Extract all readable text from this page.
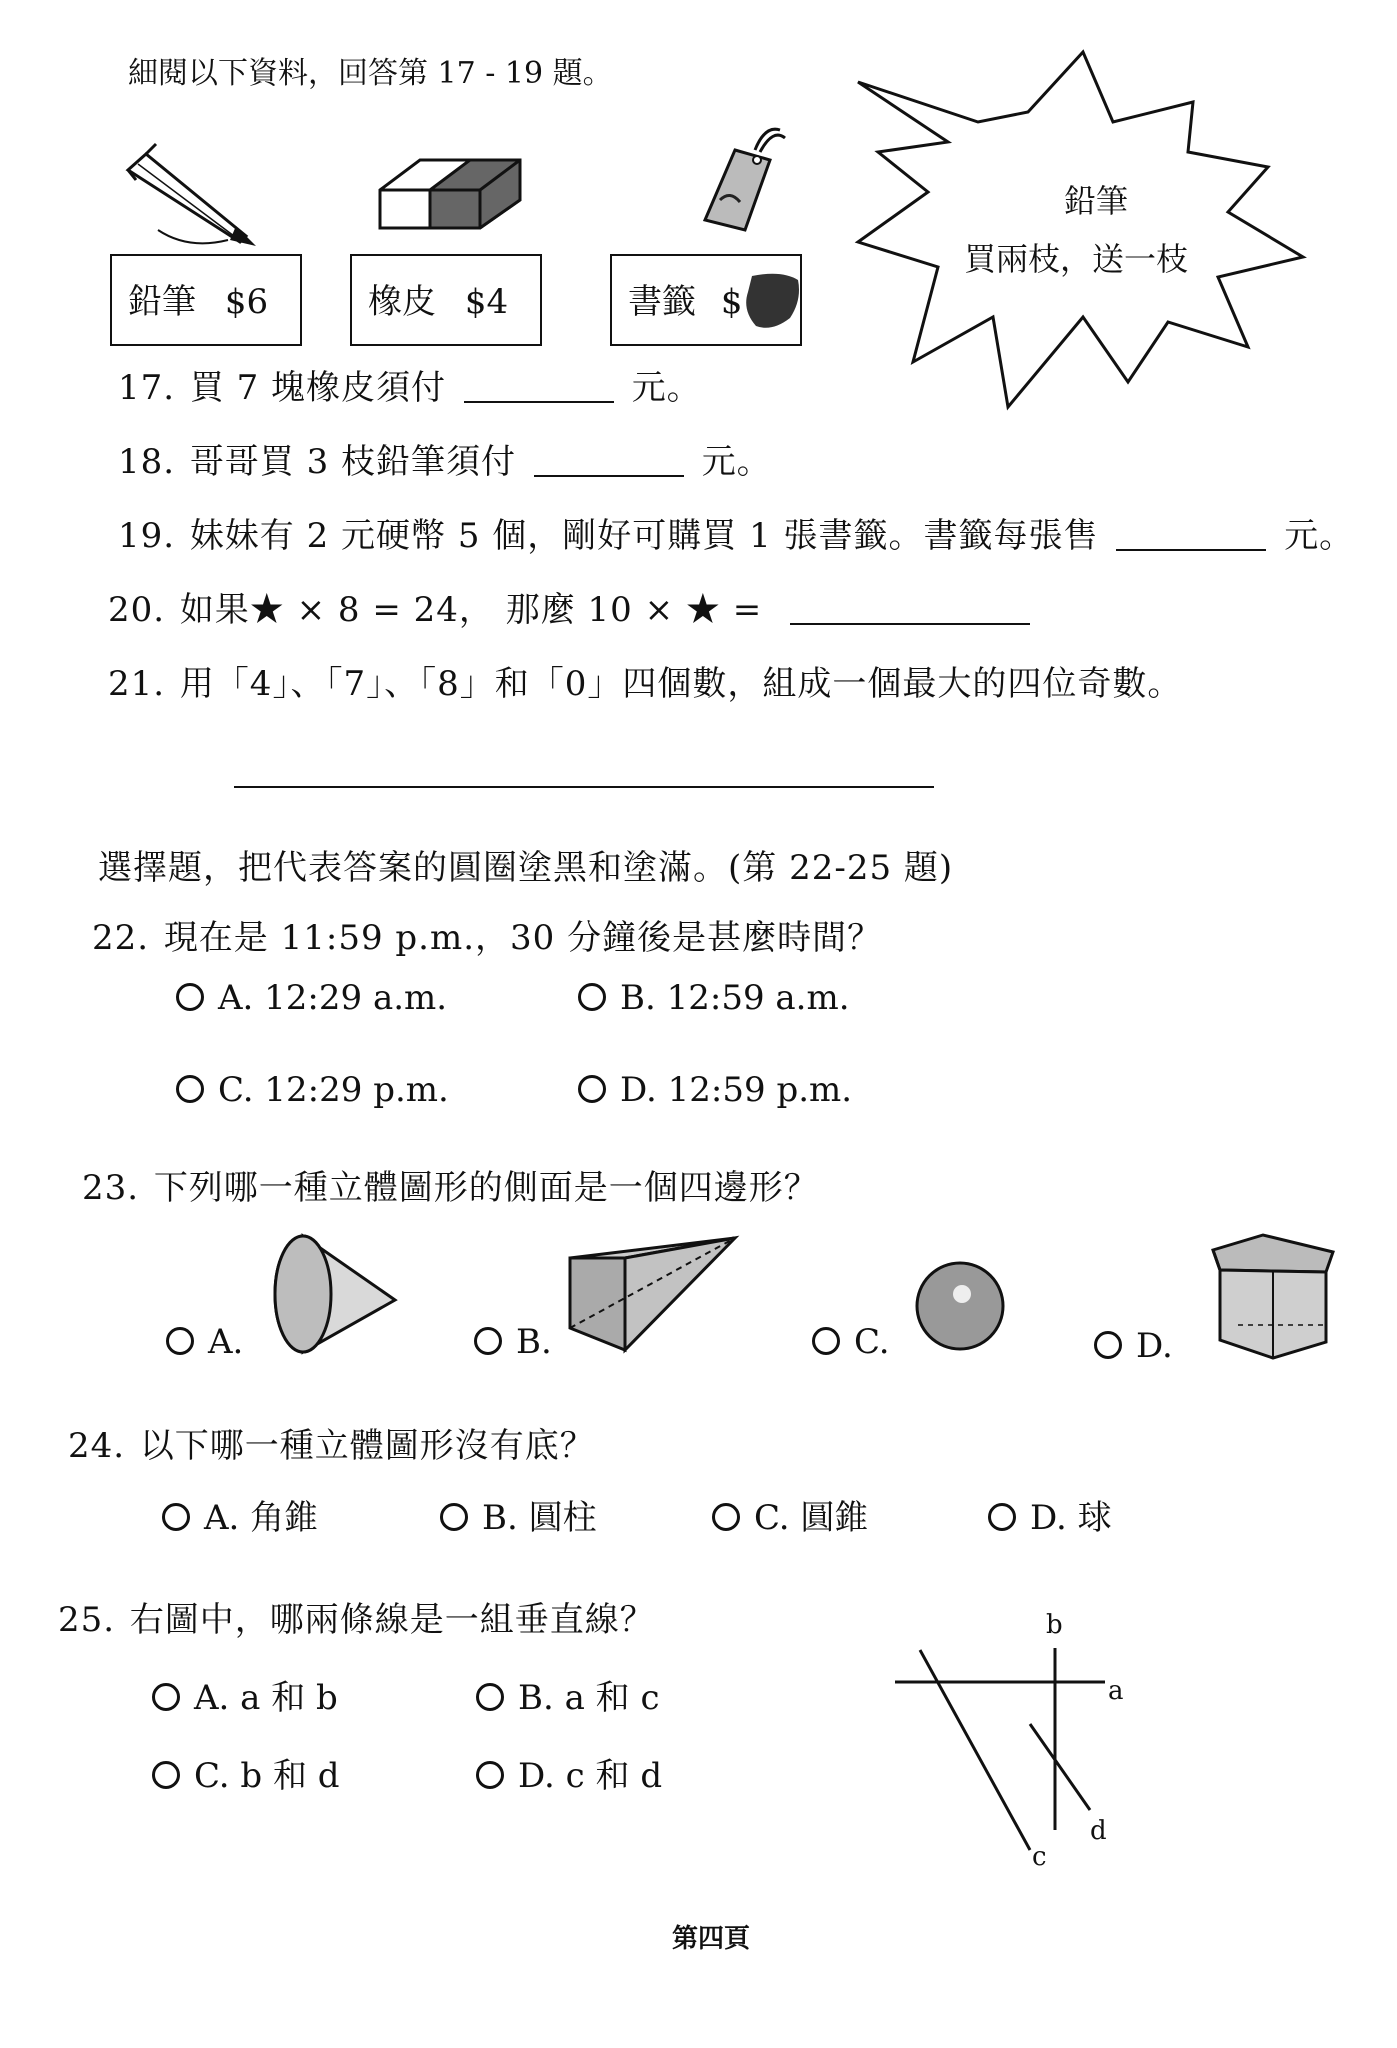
細閱以下資料，回答第 17 - 19 題。
鉛筆 $6	橡皮 $4	書籤 $
鉛筆
買兩枝，送一枝
17. 買 7 塊橡皮須付	元。
18. 哥哥買 3 枝鉛筆須付	元。
19. 妹妹有 2 元硬幣 5 個，剛好可購買 1 張書籤。書籤每張售	元。
20. 如果★ × 8 = 24， 那麼 10 × ★ =
21. 用「4」、「7」、「8」和「0」四個數，組成一個最大的四位奇數。
選擇題，把代表答案的圓圈塗黑和塗滿。(第 22-25 題)
22. 現在是 11:59 p.m.，30 分鐘後是甚麼時間？
A. 12:29 a.m.	B. 12:59 a.m.
C. 12:29 p.m.	D. 12:59 p.m.
23. 下列哪一種立體圖形的側面是一個四邊形？
A.	B.	C.	D.
24. 以下哪一種立體圖形沒有底？
A. 角錐	B. 圓柱	C. 圓錐	D. 球
25. 右圖中，哪兩條線是一組垂直線？
A. a 和 b	B. a 和 c
C. b 和 d	D. c 和 d
a
b
c
d
第四頁
